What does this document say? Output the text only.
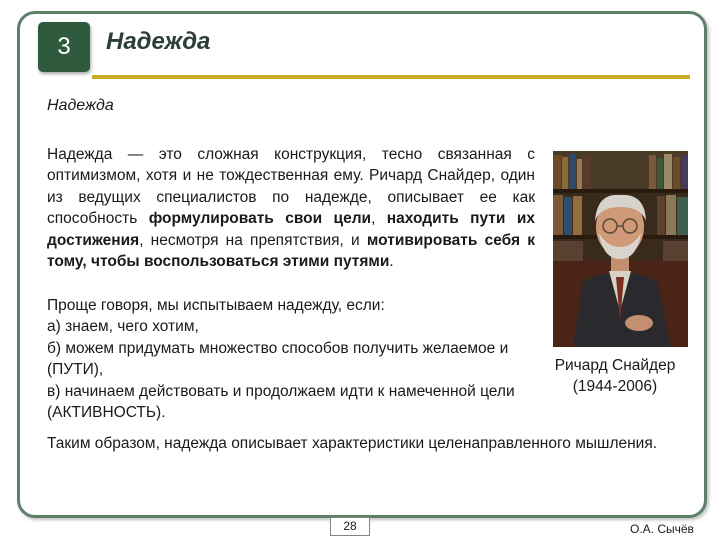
3	Надежда
Надежда

Надежда — это сложная конструкция, тесно связанная с оптимизмом, хотя и не тождественная ему. Ричард Снайдер, один из ведущих специалистов по надежде, описывает ее как способность формулировать свои цели, находить пути их достижения, несмотря на препятствия, и мотивировать себя к тому, чтобы воспользоваться этими путями.

Проще говоря, мы испытываем надежду, если:
а) знаем, чего хотим,
б) можем придумать множество способов получить желаемое и (ПУТИ),
в) начинаем действовать и продолжаем идти к намеченной цели (АКТИВНОСТЬ).
Ричард Снайдер
(1944-2006)
Таким образом, надежда описывает характеристики целенаправленного мышления.
28	О.А. Сычёв
